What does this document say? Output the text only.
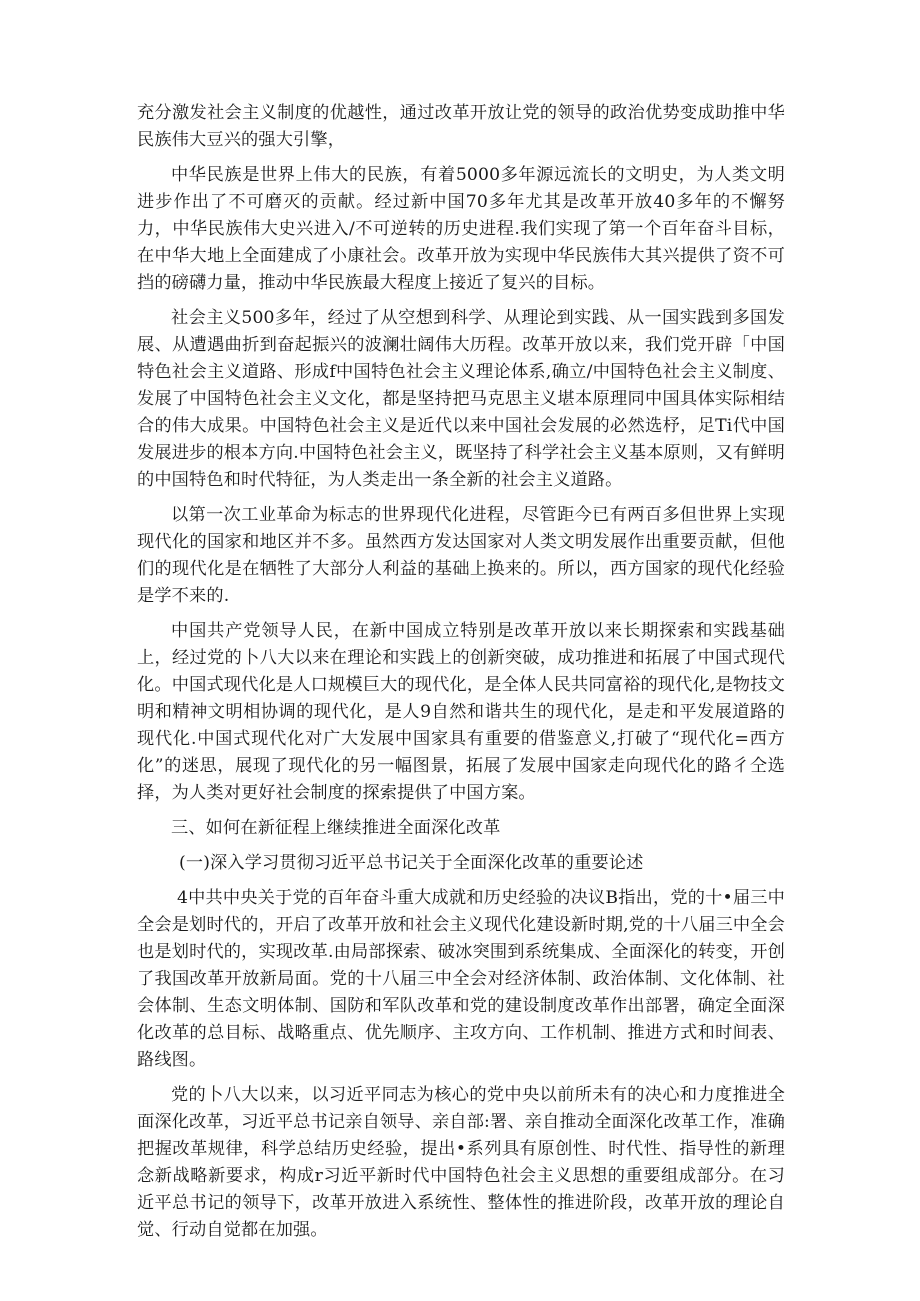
充分激发社会主义制度的优越性，通过改革开放让党的领导的政治优势变成助推中华民族伟大豆兴的强大引擎，

中华民族是世界上伟大的民族，有着5000多年源远流长的文明史，为人类文明进步作出了不可磨灭的贡献。经过新中国70多年尤其是改革开放40多年的不懈努力，中华民族伟大史兴进入/不可逆转的历史进程.我们实现了第一个百年奋斗目标，在中华大地上全面建成了小康社会。改革开放为实现中华民族伟大其兴提供了资不可挡的磅礴力量，推动中华民族最大程度上接近了复兴的目标。

社会主义500多年，经过了从空想到科学、从理论到实践、从一国实践到多国发展、从遭遇曲折到奋起振兴的波澜壮阔伟大历程。改革开放以来，我们党开辟「中国特色社会主义道路、形成f中国特色社会主义理论体系,确立/中国特色社会主义制度、发展了中国特色社会主义文化，都是坚持把马克思主义堪本原理同中国具体实际相结合的伟大成果。中国特色社会主义是近代以来中国社会发展的必然选杼，足Ti代中国发展进步的根本方向.中国特色社会主义，既坚持了科学社会主义基本原则，又有鲜明的中国特色和时代特征，为人类走出一条全新的社会主义道路。

以第一次工业革命为标志的世界现代化进程，尽管距今已有两百多但世界上实现现代化的国家和地区并不多。虽然西方发达国家对人类文明发展作出重要贡献，但他们的现代化是在牺牲了大部分人利益的基础上换来的。所以，西方国家的现代化经验是学不来的.

中国共产党领导人民，在新中国成立特别是改革开放以来长期探索和实践基础上，经过党的卜八大以来在理论和实践上的创新突破，成功推进和拓展了中国式现代化。中国式现代化是人口规模巨大的现代化，是全体人民共同富裕的现代化,是物技文明和精神文明相协调的现代化，是人9自然和谐共生的现代化，是走和平发展道路的现代化.中国式现代化对广大发展中国家具有重要的借鉴意义,打破了“现代化=西方化”的迷思，展现了现代化的另一幅图景，拓展了发展中国家走向现代化的路彳仝选择，为人类对更好社会制度的探索提供了中国方案。

三、如何在新征程上继续推进全面深化改革

(一)深入学习贯彻习近平总书记关于全面深化改革的重要论述

4中共中央关于党的百年奋斗重大成就和历史经验的决议B指出，党的十•届三中全会是划时代的，开启了改革开放和社会主义现代化建设新时期,党的十八届三中全会也是划时代的，实现改革.由局部探索、破冰突围到系统集成、全面深化的转变，开创了我国改革开放新局面。党的十八届三中全会对经济体制、政治体制、文化体制、社会体制、生态文明体制、国防和军队改革和党的建设制度改革作出部署，确定全面深化改革的总目标、战略重点、优先顺序、主攻方向、工作机制、推进方式和时间表、路线图。

党的卜八大以来，以习近平同志为核心的党中央以前所未有的决心和力度推进全面深化改革，习近平总书记亲自领导、亲自部:署、亲自推动全面深化改革工作，准确把握改革规律，科学总结历史经验，提出•系列具有原创性、时代性、指导性的新理念新战略新要求，构成r习近平新时代中国特色社会主义思想的重要组成部分。在习近平总书记的领导下，改革开放进入系统性、整体性的推进阶段，改革开放的理论自觉、行动自觉都在加强。
